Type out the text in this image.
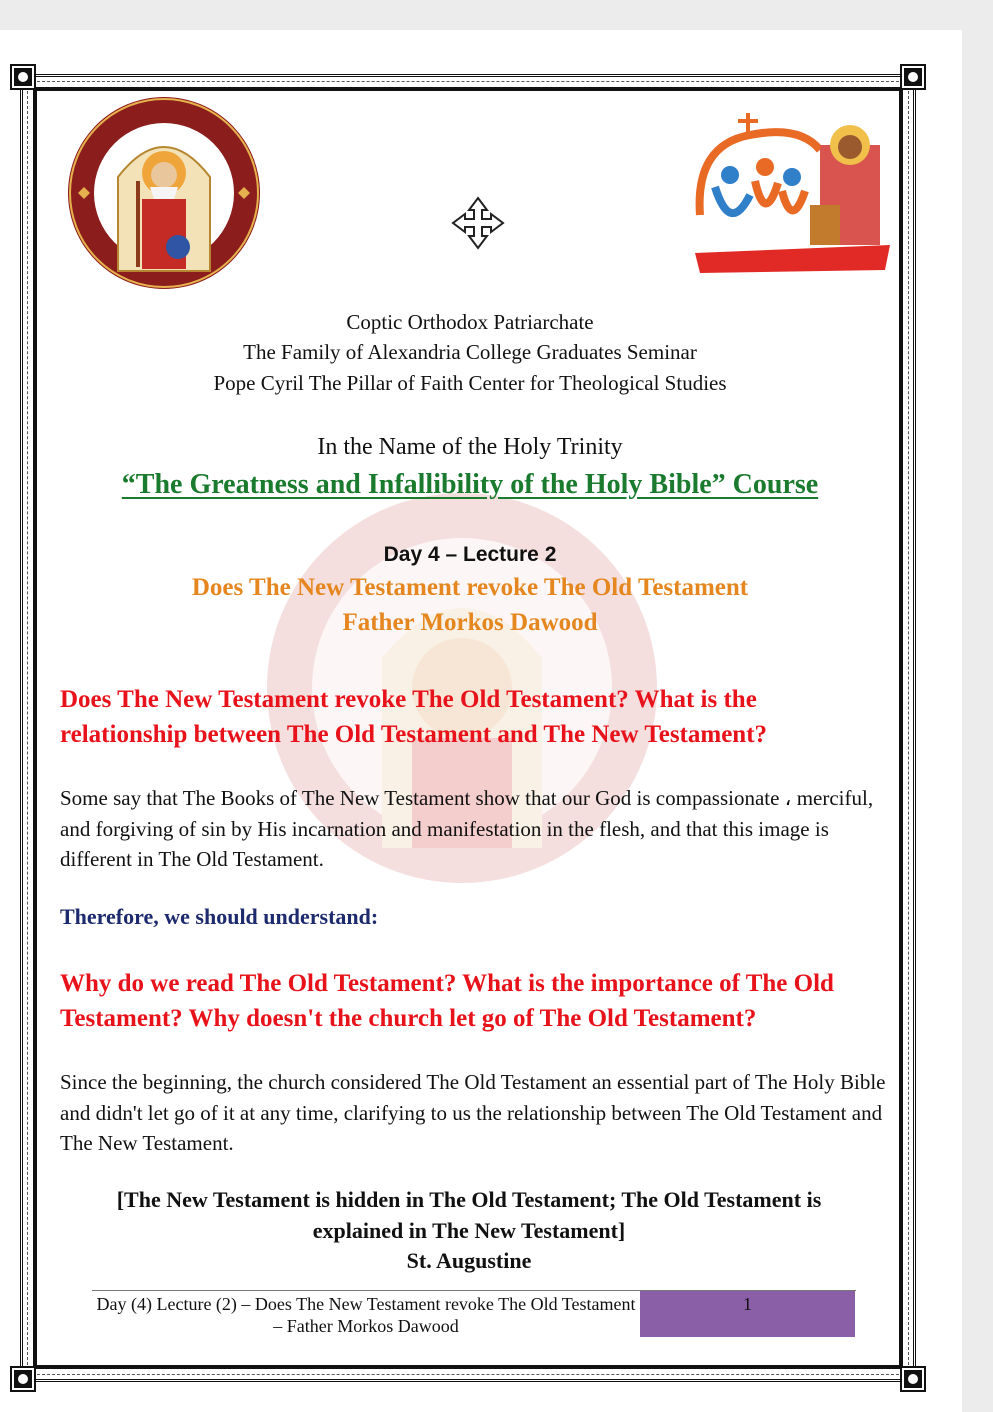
Coptic Orthodox Patriarchate
The Family of Alexandria College Graduates Seminar
Pope Cyril The Pillar of Faith Center for Theological Studies
In the Name of the Holy Trinity
“The Greatness and Infallibility of the Holy Bible” Course
Day 4 – Lecture 2
Does The New Testament revoke The Old Testament
Father Morkos Dawood
Does The New Testament revoke The Old Testament? What is the relationship between The Old Testament and The New Testament?
Some say that The Books of The New Testament show that our God is compassionate ، merciful, and forgiving of sin by His incarnation and manifestation in the flesh, and that this image is different in The Old Testament.
Therefore, we should understand:
Why do we read The Old Testament? What is the importance of The Old Testament? Why doesn't the church let go of The Old Testament?
Since the beginning, the church considered The Old Testament an essential part of The Holy Bible and didn't let go of it at any time, clarifying to us the relationship between The Old Testament and The New Testament.
[The New Testament is hidden in The Old Testament; The Old Testament is
explained in The New Testament]
St. Augustine
Day (4) Lecture (2) – Does The New Testament revoke The Old Testament – Father Morkos Dawood
1
